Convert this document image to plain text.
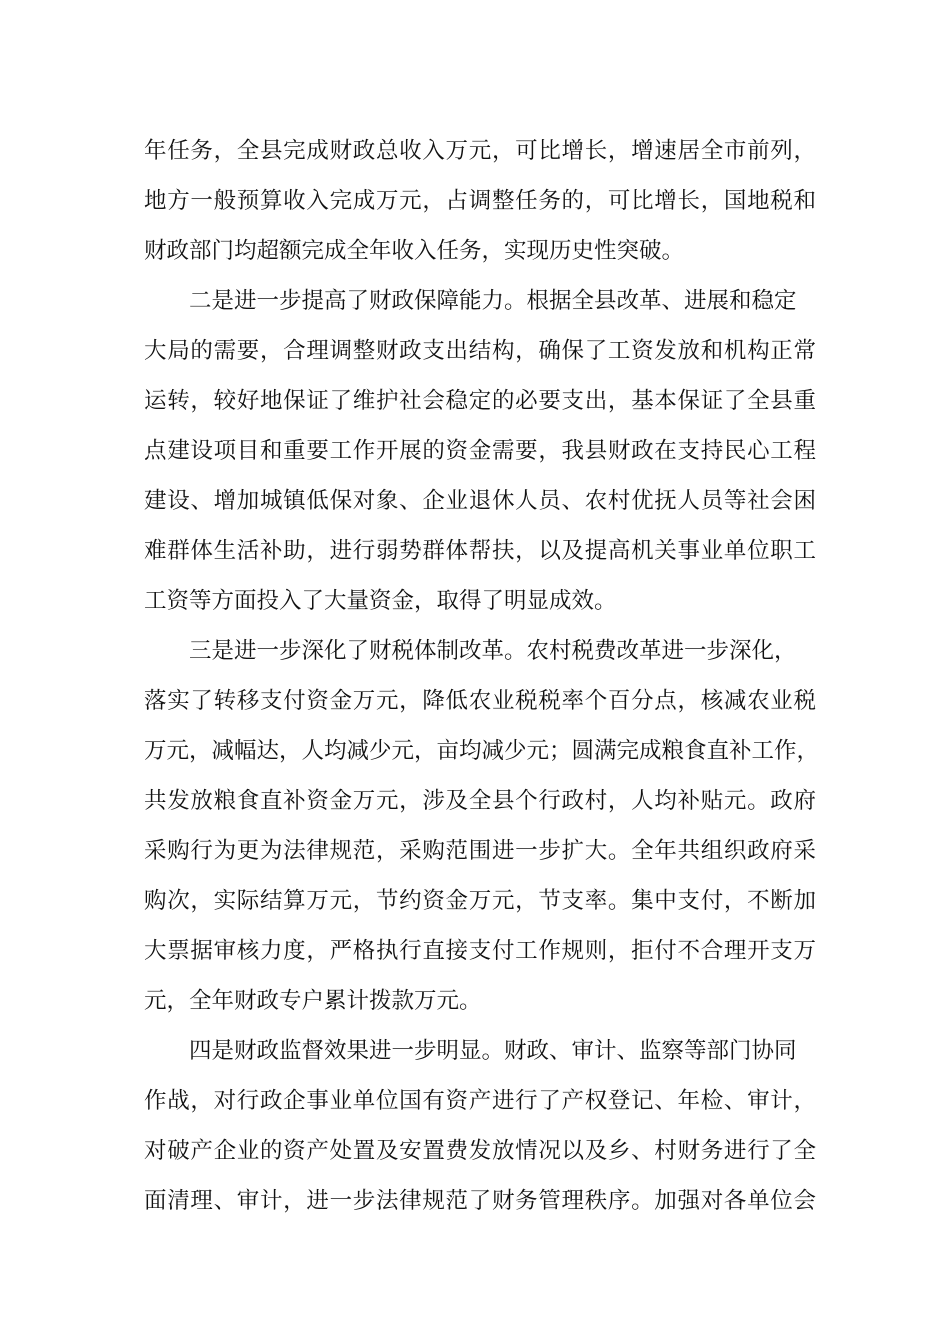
年任务，全县完成财政总收入万元，可比增长，增速居全市前列，
地方一般预算收入完成万元，占调整任务的，可比增长，国地税和
财政部门均超额完成全年收入任务，实现历史性突破。
二是进一步提高了财政保障能力。根据全县改革、进展和稳定
大局的需要，合理调整财政支出结构，确保了工资发放和机构正常
运转，较好地保证了维护社会稳定的必要支出，基本保证了全县重
点建设项目和重要工作开展的资金需要，我县财政在支持民心工程
建设、增加城镇低保对象、企业退休人员、农村优抚人员等社会困
难群体生活补助，进行弱势群体帮扶，以及提高机关事业单位职工
工资等方面投入了大量资金，取得了明显成效。
三是进一步深化了财税体制改革。农村税费改革进一步深化，
落实了转移支付资金万元，降低农业税税率个百分点，核减农业税
万元，减幅达，人均减少元，亩均减少元；圆满完成粮食直补工作，
共发放粮食直补资金万元，涉及全县个行政村，人均补贴元。政府
采购行为更为法律规范，采购范围进一步扩大。全年共组织政府采
购次，实际结算万元，节约资金万元，节支率。集中支付，不断加
大票据审核力度，严格执行直接支付工作规则，拒付不合理开支万
元，全年财政专户累计拨款万元。
四是财政监督效果进一步明显。财政、审计、监察等部门协同
作战，对行政企事业单位国有资产进行了产权登记、年检、审计，
对破产企业的资产处置及安置费发放情况以及乡、村财务进行了全
面清理、审计，进一步法律规范了财务管理秩序。加强对各单位会
